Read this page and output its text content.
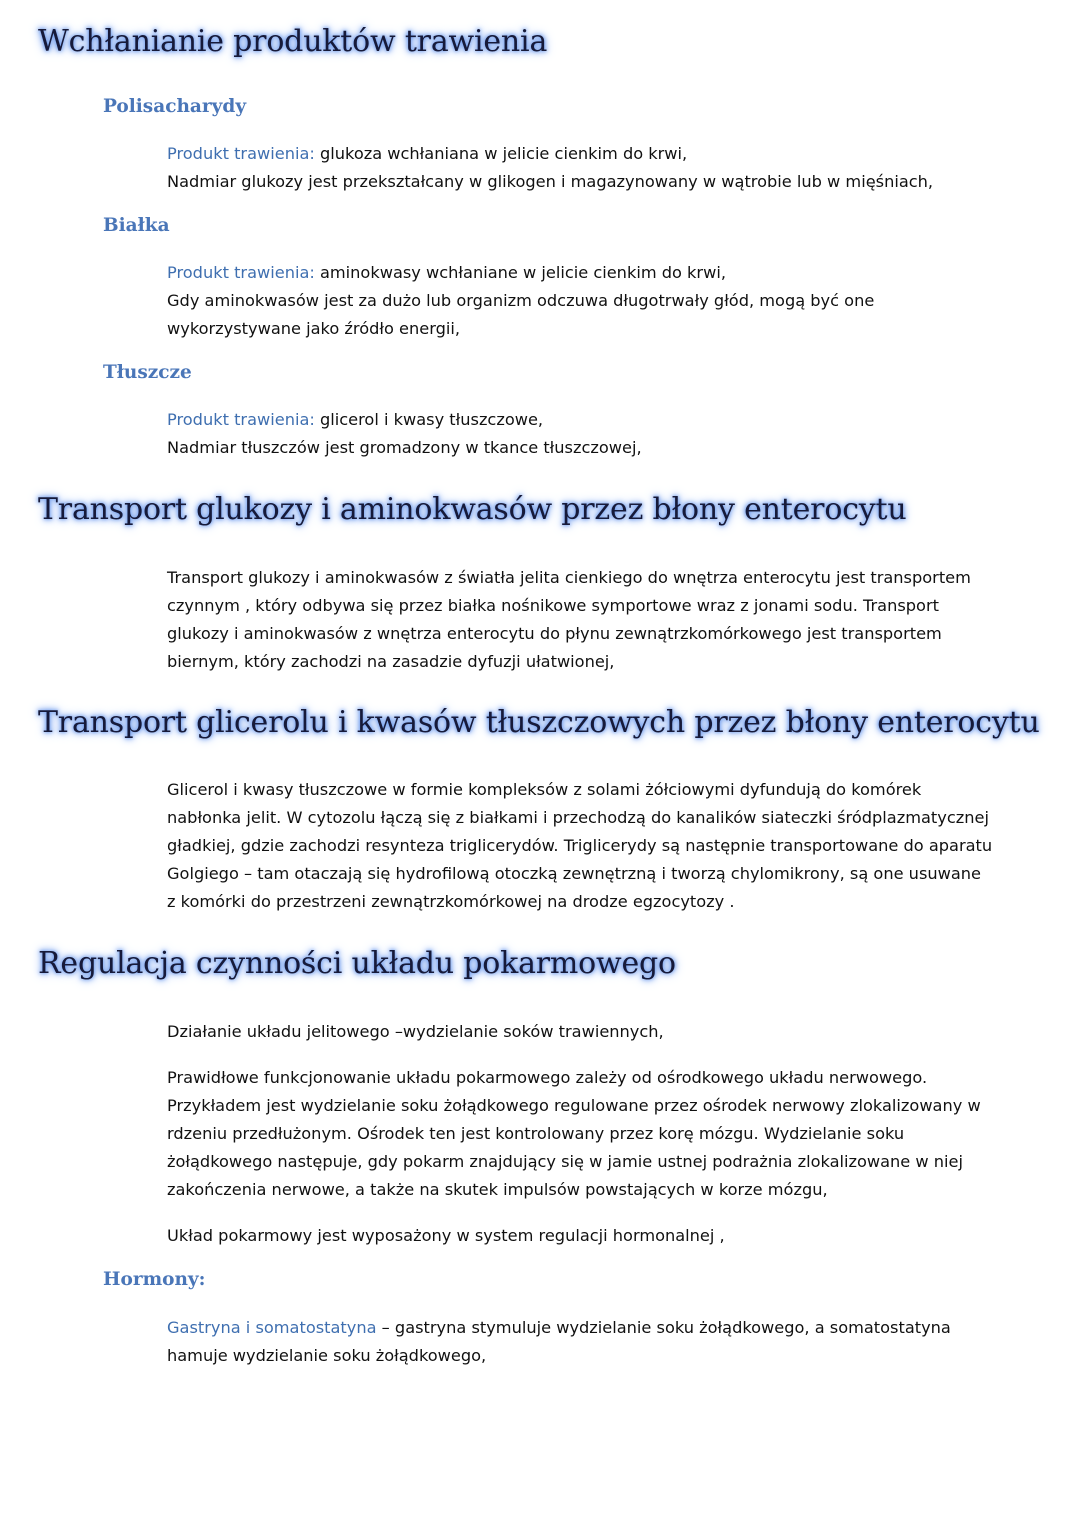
Wchłanianie produktów trawienia
Polisacharydy

Produkt trawienia: glukoza wchłaniana w jelicie cienkim do krwi,

Nadmiar glukozy jest przekształcany w glikogen i magazynowany w wątrobie lub w mięśniach,

Białka

Produkt trawienia: aminokwasy wchłaniane w jelicie cienkim do krwi,

Gdy aminokwasów jest za dużo lub organizm odczuwa długotrwały głód, mogą być one

wykorzystywane jako źródło energii,

Tłuszcze

Produkt trawienia: glicerol i kwasy tłuszczowe,

Nadmiar tłuszczów jest gromadzony w tkance tłuszczowej,

Transport glukozy i aminokwasów przez błony enterocytu

Transport glukozy i aminokwasów z światła jelita cienkiego do wnętrza enterocytu jest transportem

czynnym , który odbywa się przez białka nośnikowe symportowe wraz z jonami sodu. Transport

glukozy i aminokwasów z wnętrza enterocytu do płynu zewnątrzkomórkowego jest transportem

biernym, który zachodzi na zasadzie dyfuzji ułatwionej,

Transport glicerolu i kwasów tłuszczowych przez błony enterocytu

Glicerol i kwasy tłuszczowe w formie kompleksów z solami żółciowymi dyfundują do komórek

nabłonka jelit. W cytozolu łączą się z białkami i przechodzą do kanalików siateczki śródplazmatycznej

gładkiej, gdzie zachodzi resynteza triglicerydów. Triglicerydy są następnie transportowane do aparatu

Golgiego – tam otaczają się hydrofilową otoczką zewnętrzną i tworzą chylomikrony, są one usuwane

z komórki do przestrzeni zewnątrzkomórkowej na drodze egzocytozy .

Regulacja czynności układu pokarmowego

Działanie układu jelitowego –wydzielanie soków trawiennych,

Prawidłowe funkcjonowanie układu pokarmowego zależy od ośrodkowego układu nerwowego.

Przykładem jest wydzielanie soku żołądkowego regulowane przez ośrodek nerwowy zlokalizowany w

rdzeniu przedłużonym. Ośrodek ten jest kontrolowany przez korę mózgu. Wydzielanie soku

żołądkowego następuje, gdy pokarm znajdujący się w jamie ustnej podrażnia zlokalizowane w niej

zakończenia nerwowe, a także na skutek impulsów powstających w korze mózgu,

Układ pokarmowy jest wyposażony w system regulacji hormonalnej ,

Hormony:

Gastryna i somatostatyna – gastryna stymuluje wydzielanie soku żołądkowego, a somatostatyna

hamuje wydzielanie soku żołądkowego,
